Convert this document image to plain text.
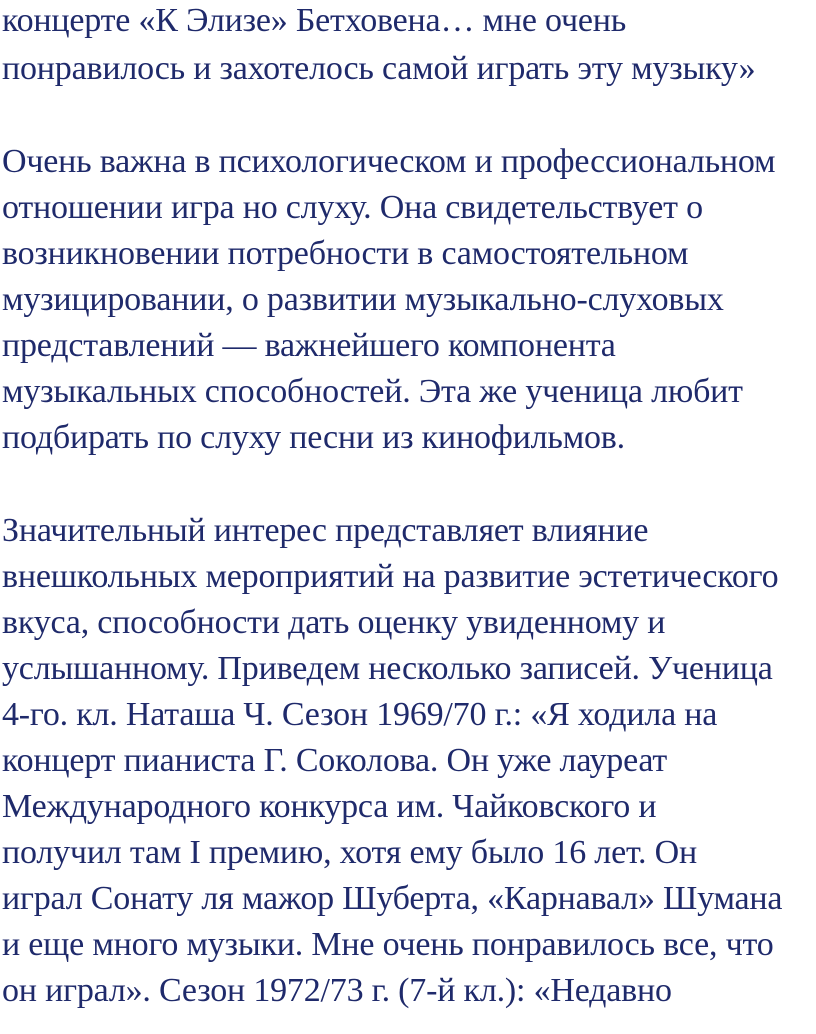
концерте «К Элизе» Бетховена… мне очень
понравилось и захотелось самой играть эту музыку»
Очень важна в психологическом и профессиональном
отношении игра но слуху. Она свидетельствует о
возникновении потребности в самостоятельном
музицировании, о развитии музыкально-слуховых
представлений — важнейшего компонента
музыкальных способностей. Эта же ученица любит
подбирать по слуху песни из кинофильмов.
Значительный интерес представляет влияние
внешкольных мероприятий на развитие эстетического
вкуса, способности дать оценку увиденному и
услышанному. Приведем несколько записей. Ученица
4-го. кл. Наташа Ч. Сезон 1969/70 г.: «Я ходила на
концерт пианиста Г. Соколова. Он уже лауреат
Международного конкурса им. Чайковского и
получил там I премию, хотя ему было 16 лет. Он
играл Сонату ля мажор Шуберта, «Карнавал» Шумана
и еще много музыки. Мне очень понравилось все, что
он играл». Сезон 1972/73 г. (7-й кл.): «Недавно
